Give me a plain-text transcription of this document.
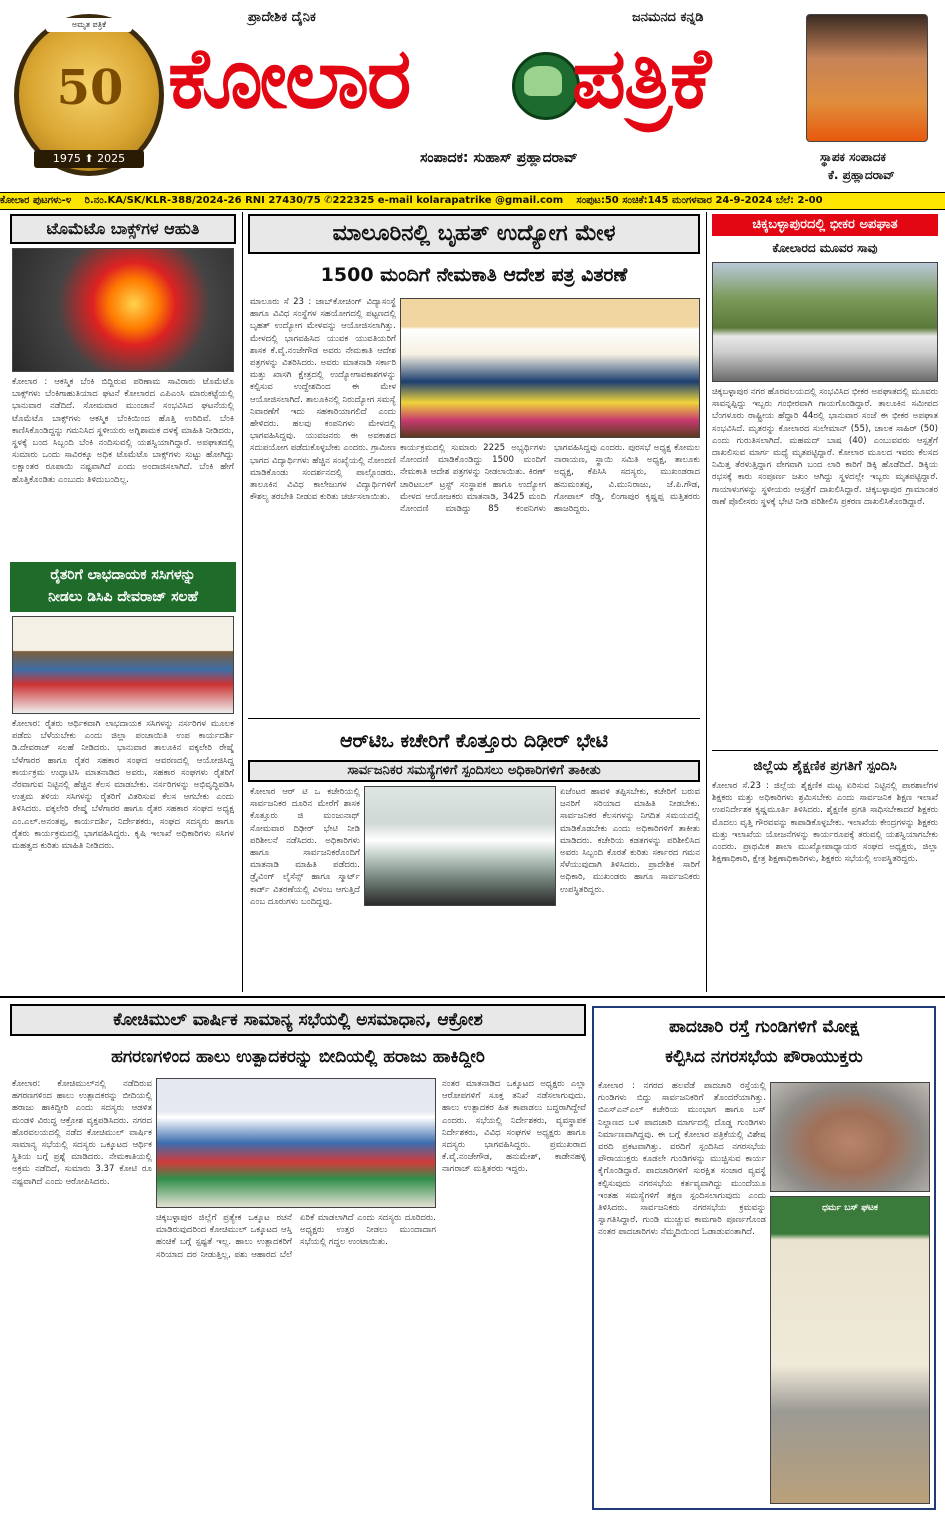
ಅಮೃತ ಪತ್ರಿಕೆ
50
1975 ⬆ 2025
ಪ್ರಾದೇಶಿಕ ದೈನಿಕ	ಜನಮನದ ಕನ್ನಡಿ
ಕೋಲಾರ ಪತ್ರಿಕೆ
ಸಂಪಾದಕ: ಸುಹಾಸ್ ಪ್ರಹ್ಲಾದರಾವ್	ಸ್ಥಾಪಕ ಸಂಪಾದಕ
ಕೆ. ಪ್ರಹ್ಲಾದರಾವ್
ಕೋಲಾರ ಪುಟಗಳು-೪ ರಿ.ನಂ.KA/SK/KLR-388/2024-26 RNI 27430/75 ✆222325 e-mail kolarapatrike @gmail.com ಸಂಪುಟ:50 ಸಂಚಿಕೆ:145 ಮಂಗಳವಾರ 24-9-2024 ಬೆಲೆ: 2-00
ಟೊಮೆಟೊ ಬಾಕ್ಸ್‌ಗಳ ಆಹುತಿ
ಕೋಲಾರ : ಆಕಸ್ಮಿಕ ಬೆಂಕಿ ಬಿದ್ದಿರುವ ಪರಿಣಾಮ ಸಾವಿರಾರು ಟೊಮೆಟೊ ಬಾಕ್ಸ್‌ಗಳು ಬೆಂಕಿಗಾಹುತಿಯಾದ ಘಟನೆ ಕೋಲಾರದ ಎಪಿಎಂಸಿ ಮಾರುಕಟ್ಟೆಯಲ್ಲಿ ಭಾನುವಾರ ನಡೆದಿದೆ. ಸೋಮವಾರ ಮುಂಜಾನೆ ಸಂಭವಿಸಿದ ಘಟನೆಯಲ್ಲಿ ಟೊಮೆಟೊ ಬಾಕ್ಸ್‌ಗಳು ಆಕಸ್ಮಿಕ ಬೆಂಕಿಯಿಂದ ಹೊತ್ತಿ ಉರಿದಿವೆ. ಬೆಂಕಿ ಕಾಣಿಸಿಕೊಂಡಿದ್ದನ್ನು ಗಮನಿಸಿದ ಸ್ಥಳೀಯರು ಅಗ್ನಿಶಾಮಕ ದಳಕ್ಕೆ ಮಾಹಿತಿ ನೀಡಿದರು, ಸ್ಥಳಕ್ಕೆ ಬಂದ ಸಿಬ್ಬಂದಿ ಬೆಂಕಿ ನಂದಿಸುವಲ್ಲಿ ಯಶಸ್ವಿಯಾಗಿದ್ದಾರೆ. ಅಪಘಾತದಲ್ಲಿ ಸುಮಾರು ಒಂದು ಸಾವಿರಕ್ಕೂ ಅಧಿಕ ಟೊಮೆಟೊ ಬಾಕ್ಸ್‌ಗಳು ಸುಟ್ಟು ಹೋಗಿದ್ದು ಲಕ್ಷಾಂತರ ರೂಪಾಯಿ ನಷ್ಟವಾಗಿದೆ ಎಂದು ಅಂದಾಜಿಸಲಾಗಿದೆ. ಬೆಂಕಿ ಹೇಗೆ ಹೊತ್ತಿಕೊಂಡಿತು ಎಂಬುದು ತಿಳಿದುಬಂದಿಲ್ಲ.
ರೈತರಿಗೆ ಲಾಭದಾಯಕ ಸಸಿಗಳನ್ನು
ನೀಡಲು ಡಿಸಿಪಿ ದೇವರಾಜ್ ಸಲಹೆ
ಕೋಲಾರ: ರೈತರು ಆರ್ಥಿಕವಾಗಿ ಲಾಭದಾಯಕ ಸಸಿಗಳನ್ನು ನರ್ಸರಿಗಳ ಮೂಲಕ ಪಡೆದು ಬೆಳೆಯಬೇಕು ಎಂದು ಜಿಲ್ಲಾ ಪಂಚಾಯಿತಿ ಉಪ ಕಾರ್ಯದರ್ಶಿ ಡಿ.ದೇವರಾಜ್ ಸಲಹೆ ನೀಡಿದರು. ಭಾನುವಾರ ತಾಲೂಕಿನ ವಕ್ಕಲೇರಿ ರೇಷ್ಮೆ ಬೆಳೆಗಾರರ ಹಾಗೂ ರೈತರ ಸಹಕಾರ ಸಂಘದ ಆವರಣದಲ್ಲಿ ಆಯೋಜಿಸಿದ್ದ ಕಾರ್ಯಕ್ರಮ ಉದ್ಘಾಟಿಸಿ ಮಾತನಾಡಿದ ಅವರು, ಸಹಕಾರ ಸಂಘಗಳು ರೈತರಿಗೆ ನೆರವಾಗುವ ನಿಟ್ಟಿನಲ್ಲಿ ಹೆಚ್ಚಿನ ಕೆಲಸ ಮಾಡಬೇಕು. ನರ್ಸರಿಗಳನ್ನು ಅಭಿವೃದ್ಧಿಪಡಿಸಿ ಉತ್ತಮ ತಳಿಯ ಸಸಿಗಳನ್ನು ರೈತರಿಗೆ ವಿತರಿಸುವ ಕೆಲಸ ಆಗಬೇಕು ಎಂದು ತಿಳಿಸಿದರು. ವಕ್ಕಲೇರಿ ರೇಷ್ಮೆ ಬೆಳೆಗಾರರ ಹಾಗೂ ರೈತರ ಸಹಕಾರ ಸಂಘದ ಅಧ್ಯಕ್ಷ ಎಂ.ಎಲ್.ಅನಂತಪ್ಪ, ಕಾರ್ಯದರ್ಶಿ, ನಿರ್ದೇಶಕರು, ಸಂಘದ ಸದಸ್ಯರು ಹಾಗೂ ರೈತರು ಕಾರ್ಯಕ್ರಮದಲ್ಲಿ ಭಾಗವಹಿಸಿದ್ದರು. ಕೃಷಿ ಇಲಾಖೆ ಅಧಿಕಾರಿಗಳು ಸಸಿಗಳ ಮಹತ್ವದ ಕುರಿತು ಮಾಹಿತಿ ನೀಡಿದರು.
ಮಾಲೂರಿನಲ್ಲಿ ಬೃಹತ್ ಉದ್ಯೋಗ ಮೇಳ
1500 ಮಂದಿಗೆ ನೇಮಕಾತಿ ಆದೇಶ ಪತ್ರ ವಿತರಣೆ
ಮಾಲೂರು ಸೆ 23 : ಜಾಬ್‌ಕೋಚಿಂಗ್ ವಿದ್ಯಾಸಂಸ್ಥೆ ಹಾಗೂ ವಿವಿಧ ಸಂಸ್ಥೆಗಳ ಸಹಯೋಗದಲ್ಲಿ ಪಟ್ಟಣದಲ್ಲಿ ಬೃಹತ್ ಉದ್ಯೋಗ ಮೇಳವನ್ನು ಆಯೋಜಿಸಲಾಗಿತ್ತು. ಮೇಳದಲ್ಲಿ ಭಾಗವಹಿಸಿದ ಯುವಕ ಯುವತಿಯರಿಗೆ ಶಾಸಕ ಕೆ.ವೈ.ನಂಜೇಗೌಡ ಅವರು ನೇಮಕಾತಿ ಆದೇಶ ಪತ್ರಗಳನ್ನು ವಿತರಿಸಿದರು. ಅವರು ಮಾತನಾಡಿ ಸರ್ಕಾರಿ ಮತ್ತು ಖಾಸಗಿ ಕ್ಷೇತ್ರದಲ್ಲಿ ಉದ್ಯೋಗಾವಕಾಶಗಳನ್ನು ಕಲ್ಪಿಸುವ ಉದ್ದೇಶದಿಂದ ಈ ಮೇಳ ಆಯೋಜಿಸಲಾಗಿದೆ. ತಾಲೂಕಿನಲ್ಲಿ ನಿರುದ್ಯೋಗ ಸಮಸ್ಯೆ ನಿವಾರಣೆಗೆ ಇದು ಸಹಕಾರಿಯಾಗಲಿದೆ ಎಂದು ಹೇಳಿದರು. ಹಲವು ಕಂಪನಿಗಳು ಮೇಳದಲ್ಲಿ ಭಾಗವಹಿಸಿದ್ದವು. ಯುವಜನರು ಈ ಅವಕಾಶದ ಸದುಪಯೋಗ ಪಡೆದುಕೊಳ್ಳಬೇಕು ಎಂದರು. ಗ್ರಾಮೀಣ ಭಾಗದ ವಿದ್ಯಾರ್ಥಿಗಳು ಹೆಚ್ಚಿನ ಸಂಖ್ಯೆಯಲ್ಲಿ ನೋಂದಣಿ ಮಾಡಿಕೊಂಡು ಸಂದರ್ಶನದಲ್ಲಿ ಪಾಲ್ಗೊಂಡರು. ತಾಲೂಕಿನ ವಿವಿಧ ಕಾಲೇಜುಗಳ ವಿದ್ಯಾರ್ಥಿಗಳಿಗೆ ಕೌಶಲ್ಯ ತರಬೇತಿ ನೀಡುವ ಕುರಿತು ಚರ್ಚಿಸಲಾಯಿತು.
ಕಾರ್ಯಕ್ರಮದಲ್ಲಿ ಸುಮಾರು 2225 ಅಭ್ಯರ್ಥಿಗಳು ನೋಂದಣಿ ಮಾಡಿಕೊಂಡಿದ್ದು 1500 ಮಂದಿಗೆ ನೇಮಕಾತಿ ಆದೇಶ ಪತ್ರಗಳನ್ನು ನೀಡಲಾಯಿತು. ಕಿರಣ್ ಚಾರಿಟಬಲ್ ಟ್ರಸ್ಟ್ ಸಂಸ್ಥಾಪಕ ಹಾಗೂ ಉದ್ಯೋಗ ಮೇಳದ ಆಯೋಜಕರು ಮಾತನಾಡಿ, 3425 ಮಂದಿ ನೋಂದಣಿ ಮಾಡಿದ್ದು 85 ಕಂಪನಿಗಳು ಭಾಗವಹಿಸಿದ್ದವು ಎಂದರು. ಪುರಸಭೆ ಅಧ್ಯಕ್ಷ ಕೋಮಲ ನಾರಾಯಣ, ಸ್ಥಾಯಿ ಸಮಿತಿ ಅಧ್ಯಕ್ಷ, ತಾಲೂಕು ಅಧ್ಯಕ್ಷ, ಕೆಪಿಸಿಸಿ ಸದಸ್ಯರು, ಮುಖಂಡರಾದ ಹನುಮಂತಪ್ಪ, ವಿ.ಮುನಿರಾಜು, ಜೆ.ಪಿ.ಗೌಡ, ಗೋಪಾಲ್ ರೆಡ್ಡಿ, ಲಿಂಗಾಪುರ ಕೃಷ್ಣಪ್ಪ ಮತ್ತಿತರರು ಹಾಜರಿದ್ದರು.
ಆರ್‌ಟಿಒ ಕಚೇರಿಗೆ ಕೊತ್ತೂರು ದಿಢೀರ್ ಭೇಟಿ
ಸಾರ್ವಜನಿಕರ ಸಮಸ್ಯೆಗಳಿಗೆ ಸ್ಪಂದಿಸಲು ಅಧಿಕಾರಿಗಳಿಗೆ ತಾಕೀತು
ಕೋಲಾರ ಆರ್ ಟಿ ಒ ಕಚೇರಿಯಲ್ಲಿ ಸಾರ್ವಜನಿಕರ ದೂರಿನ ಮೇರೆಗೆ ಶಾಸಕ ಕೊತ್ತೂರು ಜಿ ಮಂಜುನಾಥ್ ಸೋಮವಾರ ದಿಢೀರ್ ಭೇಟಿ ನೀಡಿ ಪರಿಶೀಲನೆ ನಡೆಸಿದರು. ಅಧಿಕಾರಿಗಳು ಹಾಗೂ ಸಾರ್ವಜನಿಕರೊಂದಿಗೆ ಮಾತನಾಡಿ ಮಾಹಿತಿ ಪಡೆದರು. ಡ್ರೈವಿಂಗ್ ಲೈಸೆನ್ಸ್ ಹಾಗೂ ಸ್ಮಾರ್ಟ್ ಕಾರ್ಡ್ ವಿತರಣೆಯಲ್ಲಿ ವಿಳಂಬ ಆಗುತ್ತಿದೆ ಎಂಬ ದೂರುಗಳು ಬಂದಿದ್ದವು.
ಏಜೆಂಟರ ಹಾವಳಿ ತಪ್ಪಿಸಬೇಕು, ಕಚೇರಿಗೆ ಬರುವ ಜನರಿಗೆ ಸರಿಯಾದ ಮಾಹಿತಿ ನೀಡಬೇಕು. ಸಾರ್ವಜನಿಕರ ಕೆಲಸಗಳನ್ನು ನಿಗದಿತ ಸಮಯದಲ್ಲಿ ಮಾಡಿಕೊಡಬೇಕು ಎಂದು ಅಧಿಕಾರಿಗಳಿಗೆ ತಾಕೀತು ಮಾಡಿದರು. ಕಚೇರಿಯ ಕಡತಗಳನ್ನು ಪರಿಶೀಲಿಸಿದ ಅವರು ಸಿಬ್ಬಂದಿ ಕೊರತೆ ಕುರಿತು ಸರ್ಕಾರದ ಗಮನ ಸೆಳೆಯುವುದಾಗಿ ತಿಳಿಸಿದರು. ಪ್ರಾದೇಶಿಕ ಸಾರಿಗೆ ಅಧಿಕಾರಿ, ಮುಖಂಡರು ಹಾಗೂ ಸಾರ್ವಜನಿಕರು ಉಪಸ್ಥಿತರಿದ್ದರು.
ಚಿಕ್ಕಬಳ್ಳಾಪುರದಲ್ಲಿ ಭೀಕರ ಅಪಘಾತ
ಕೋಲಾರದ ಮೂವರ ಸಾವು
ಚಿಕ್ಕಬಳ್ಳಾಪುರ ನಗರ ಹೊರವಲಯದಲ್ಲಿ ಸಂಭವಿಸಿದ ಭೀಕರ ಅಪಘಾತದಲ್ಲಿ ಮೂವರು ಸಾವನ್ನಪ್ಪಿದ್ದು ಇಬ್ಬರು ಗಂಭೀರವಾಗಿ ಗಾಯಗೊಂಡಿದ್ದಾರೆ. ತಾಲೂಕಿನ ಸಮೀಪದ ಬೆಂಗಳೂರು ರಾಷ್ಟ್ರೀಯ ಹೆದ್ದಾರಿ 44ರಲ್ಲಿ ಭಾನುವಾರ ಸಂಜೆ ಈ ಭೀಕರ ಅಪಘಾತ ಸಂಭವಿಸಿದೆ. ಮೃತರನ್ನು ಕೋಲಾರದ ಸುಲೇಮಾನ್ (55), ಚಾಲಕ ಸಾಹಿರ್ (50) ಎಂದು ಗುರುತಿಸಲಾಗಿದೆ. ಮಹಮದ್ ಬಾಷ (40) ಎಂಬುವವರು ಆಸ್ಪತ್ರೆಗೆ ದಾಖಲಿಸುವ ಮಾರ್ಗ ಮಧ್ಯೆ ಮೃತಪಟ್ಟಿದ್ದಾರೆ. ಕೋಲಾರ ಮೂಲದ ಇವರು ಕೆಲಸದ ನಿಮಿತ್ತ ತೆರಳುತ್ತಿದ್ದಾಗ ವೇಗವಾಗಿ ಬಂದ ಲಾರಿ ಕಾರಿಗೆ ಡಿಕ್ಕಿ ಹೊಡೆದಿದೆ. ಡಿಕ್ಕಿಯ ರಭಸಕ್ಕೆ ಕಾರು ಸಂಪೂರ್ಣ ಜಖಂ ಆಗಿದ್ದು ಸ್ಥಳದಲ್ಲೇ ಇಬ್ಬರು ಮೃತಪಟ್ಟಿದ್ದಾರೆ. ಗಾಯಾಳುಗಳನ್ನು ಸ್ಥಳೀಯರು ಆಸ್ಪತ್ರೆಗೆ ದಾಖಲಿಸಿದ್ದಾರೆ. ಚಿಕ್ಕಬಳ್ಳಾಪುರ ಗ್ರಾಮಾಂತರ ಠಾಣೆ ಪೊಲೀಸರು ಸ್ಥಳಕ್ಕೆ ಭೇಟಿ ನೀಡಿ ಪರಿಶೀಲಿಸಿ ಪ್ರಕರಣ ದಾಖಲಿಸಿಕೊಂಡಿದ್ದಾರೆ.
ಜಿಲ್ಲೆಯ ಶೈಕ್ಷಣಿಕ ಪ್ರಗತಿಗೆ ಸ್ಪಂದಿಸಿ
ಕೋಲಾರ ಸೆ.23 : ಜಿಲ್ಲೆಯ ಶೈಕ್ಷಣಿಕ ಮಟ್ಟ ಏರಿಸುವ ನಿಟ್ಟಿನಲ್ಲಿ ಪಾಠಶಾಲೆಗಳ ಶಿಕ್ಷಕರು ಮತ್ತು ಅಧಿಕಾರಿಗಳು ಶ್ರಮಿಸಬೇಕು ಎಂದು ಸಾರ್ವಜನಿಕ ಶಿಕ್ಷಣ ಇಲಾಖೆ ಉಪನಿರ್ದೇಶಕ ಕೃಷ್ಣಮೂರ್ತಿ ತಿಳಿಸಿದರು. ಶೈಕ್ಷಣಿಕ ಪ್ರಗತಿ ಸಾಧಿಸಬೇಕಾದರೆ ಶಿಕ್ಷಕರು ಮೊದಲು ವೃತ್ತಿ ಗೌರವವನ್ನು ಕಾಪಾಡಿಕೊಳ್ಳಬೇಕು. ಇಲಾಖೆಯ ಕೇಂದ್ರಗಳನ್ನು ಶಿಕ್ಷಕರು ಮತ್ತು ಇಲಾಖೆಯ ಯೋಜನೆಗಳನ್ನು ಕಾರ್ಯರೂಪಕ್ಕೆ ತರುವಲ್ಲಿ ಯಶಸ್ವಿಯಾಗಬೇಕು ಎಂದರು. ಪ್ರಾಥಮಿಕ ಶಾಲಾ ಮುಖ್ಯೋಪಾಧ್ಯಾಯರ ಸಂಘದ ಅಧ್ಯಕ್ಷರು, ಜಿಲ್ಲಾ ಶಿಕ್ಷಣಾಧಿಕಾರಿ, ಕ್ಷೇತ್ರ ಶಿಕ್ಷಣಾಧಿಕಾರಿಗಳು, ಶಿಕ್ಷಕರು ಸಭೆಯಲ್ಲಿ ಉಪಸ್ಥಿತರಿದ್ದರು.
ಕೋಚಿಮುಲ್ ವಾರ್ಷಿಕ ಸಾಮಾನ್ಯ ಸಭೆಯಲ್ಲಿ ಅಸಮಾಧಾನ, ಆಕ್ರೋಶ
ಹಗರಣಗಳಿಂದ ಹಾಲು ಉತ್ಪಾದಕರನ್ನು ಬೀದಿಯಲ್ಲಿ ಹರಾಜು ಹಾಕಿದ್ದೀರಿ
ಕೋಲಾರ: ಕೋಚಿಮುಲ್‌ನಲ್ಲಿ ನಡೆದಿರುವ ಹಗರಣಗಳಿಂದ ಹಾಲು ಉತ್ಪಾದಕರನ್ನು ಬೀದಿಯಲ್ಲಿ ಹರಾಜು ಹಾಕಿದ್ದೀರಿ ಎಂದು ಸದಸ್ಯರು ಆಡಳಿತ ಮಂಡಳಿ ವಿರುದ್ಧ ಆಕ್ರೋಶ ವ್ಯಕ್ತಪಡಿಸಿದರು. ನಗರದ ಹೊರವಲಯದಲ್ಲಿ ನಡೆದ ಕೋಚಿಮುಲ್ ವಾರ್ಷಿಕ ಸಾಮಾನ್ಯ ಸಭೆಯಲ್ಲಿ ಸದಸ್ಯರು ಒಕ್ಕೂಟದ ಆರ್ಥಿಕ ಸ್ಥಿತಿಯ ಬಗ್ಗೆ ಪ್ರಶ್ನೆ ಮಾಡಿದರು. ನೇಮಕಾತಿಯಲ್ಲಿ ಅಕ್ರಮ ನಡೆದಿದೆ, ಸುಮಾರು 3.37 ಕೋಟಿ ರೂ ನಷ್ಟವಾಗಿದೆ ಎಂದು ಆರೋಪಿಸಿದರು.
ಚಿಕ್ಕಬಳ್ಳಾಪುರ ಜಿಲ್ಲೆಗೆ ಪ್ರತ್ಯೇಕ ಒಕ್ಕೂಟ ರಚನೆ ಮಾಡಿರುವುದರಿಂದ ಕೋಚಿಮುಲ್ ಒಕ್ಕೂಟದ ಆಸ್ತಿ ಹಂಚಿಕೆ ಬಗ್ಗೆ ಸ್ಪಷ್ಟತೆ ಇಲ್ಲ. ಹಾಲು ಉತ್ಪಾದಕರಿಗೆ ಸರಿಯಾದ ದರ ನೀಡುತ್ತಿಲ್ಲ, ಪಶು ಆಹಾರದ ಬೆಲೆ ಏರಿಕೆ ಮಾಡಲಾಗಿದೆ ಎಂದು ಸದಸ್ಯರು ದೂರಿದರು. ಅಧ್ಯಕ್ಷರು ಉತ್ತರ ನೀಡಲು ಮುಂದಾದಾಗ ಸಭೆಯಲ್ಲಿ ಗದ್ದಲ ಉಂಟಾಯಿತು.
ನಂತರ ಮಾತನಾಡಿದ ಒಕ್ಕೂಟದ ಅಧ್ಯಕ್ಷರು ಎಲ್ಲಾ ಆರೋಪಗಳಿಗೆ ಸೂಕ್ತ ತನಿಖೆ ನಡೆಸಲಾಗುವುದು. ಹಾಲು ಉತ್ಪಾದಕರ ಹಿತ ಕಾಪಾಡಲು ಬದ್ಧರಾಗಿದ್ದೇವೆ ಎಂದರು. ಸಭೆಯಲ್ಲಿ ನಿರ್ದೇಶಕರು, ವ್ಯವಸ್ಥಾಪಕ ನಿರ್ದೇಶಕರು, ವಿವಿಧ ಸಂಘಗಳ ಅಧ್ಯಕ್ಷರು ಹಾಗೂ ಸದಸ್ಯರು ಭಾಗವಹಿಸಿದ್ದರು. ಪ್ರಮುಖರಾದ ಕೆ.ವೈ.ನಂಜೇಗೌಡ, ಹನುಮೇಶ್, ಕಾಡೇನಹಳ್ಳಿ ನಾಗರಾಜ್ ಮತ್ತಿತರರು ಇದ್ದರು.
ಪಾದಚಾರಿ ರಸ್ತೆ ಗುಂಡಿಗಳಿಗೆ ಮೋಕ್ಷ
ಕಲ್ಪಿಸಿದ ನಗರಸಭೆಯ ಪೌರಾಯುಕ್ತರು
ಕೋಲಾರ : ನಗರದ ಹಲವೆಡೆ ಪಾದಚಾರಿ ರಸ್ತೆಯಲ್ಲಿ ಗುಂಡಿಗಳು ಬಿದ್ದು ಸಾರ್ವಜನಿಕರಿಗೆ ತೊಂದರೆಯಾಗಿತ್ತು. ಬಿಎಸ್‌ಎನ್‌ಎಲ್ ಕಚೇರಿಯ ಮುಂಭಾಗ ಹಾಗೂ ಬಸ್ ನಿಲ್ದಾಣದ ಬಳಿ ಪಾದಚಾರಿ ಮಾರ್ಗದಲ್ಲಿ ದೊಡ್ಡ ಗುಂಡಿಗಳು ನಿರ್ಮಾಣವಾಗಿದ್ದವು. ಈ ಬಗ್ಗೆ ಕೋಲಾರ ಪತ್ರಿಕೆಯಲ್ಲಿ ವಿಶೇಷ ವರದಿ ಪ್ರಕಟವಾಗಿತ್ತು. ವರದಿಗೆ ಸ್ಪಂದಿಸಿದ ನಗರಸಭೆಯ ಪೌರಾಯುಕ್ತರು ಕೂಡಲೇ ಗುಂಡಿಗಳನ್ನು ಮುಚ್ಚಿಸುವ ಕಾರ್ಯ ಕೈಗೊಂಡಿದ್ದಾರೆ. ಪಾದಚಾರಿಗಳಿಗೆ ಸುರಕ್ಷಿತ ಸಂಚಾರ ವ್ಯವಸ್ಥೆ ಕಲ್ಪಿಸುವುದು ನಗರಸಭೆಯ ಕರ್ತವ್ಯವಾಗಿದ್ದು ಮುಂದೆಯೂ ಇಂತಹ ಸಮಸ್ಯೆಗಳಿಗೆ ತಕ್ಷಣ ಸ್ಪಂದಿಸಲಾಗುವುದು ಎಂದು ತಿಳಿಸಿದರು. ಸಾರ್ವಜನಿಕರು ನಗರಸಭೆಯ ಕ್ರಮವನ್ನು ಸ್ವಾಗತಿಸಿದ್ದಾರೆ. ಗುಂಡಿ ಮುಚ್ಚುವ ಕಾಮಗಾರಿ ಪೂರ್ಣಗೊಂಡ ನಂತರ ಪಾದಚಾರಿಗಳು ನೆಮ್ಮದಿಯಿಂದ ಓಡಾಡುವಂತಾಗಿದೆ.
ಧರ್ಮ ಬಸ್ ಘಟಕ
